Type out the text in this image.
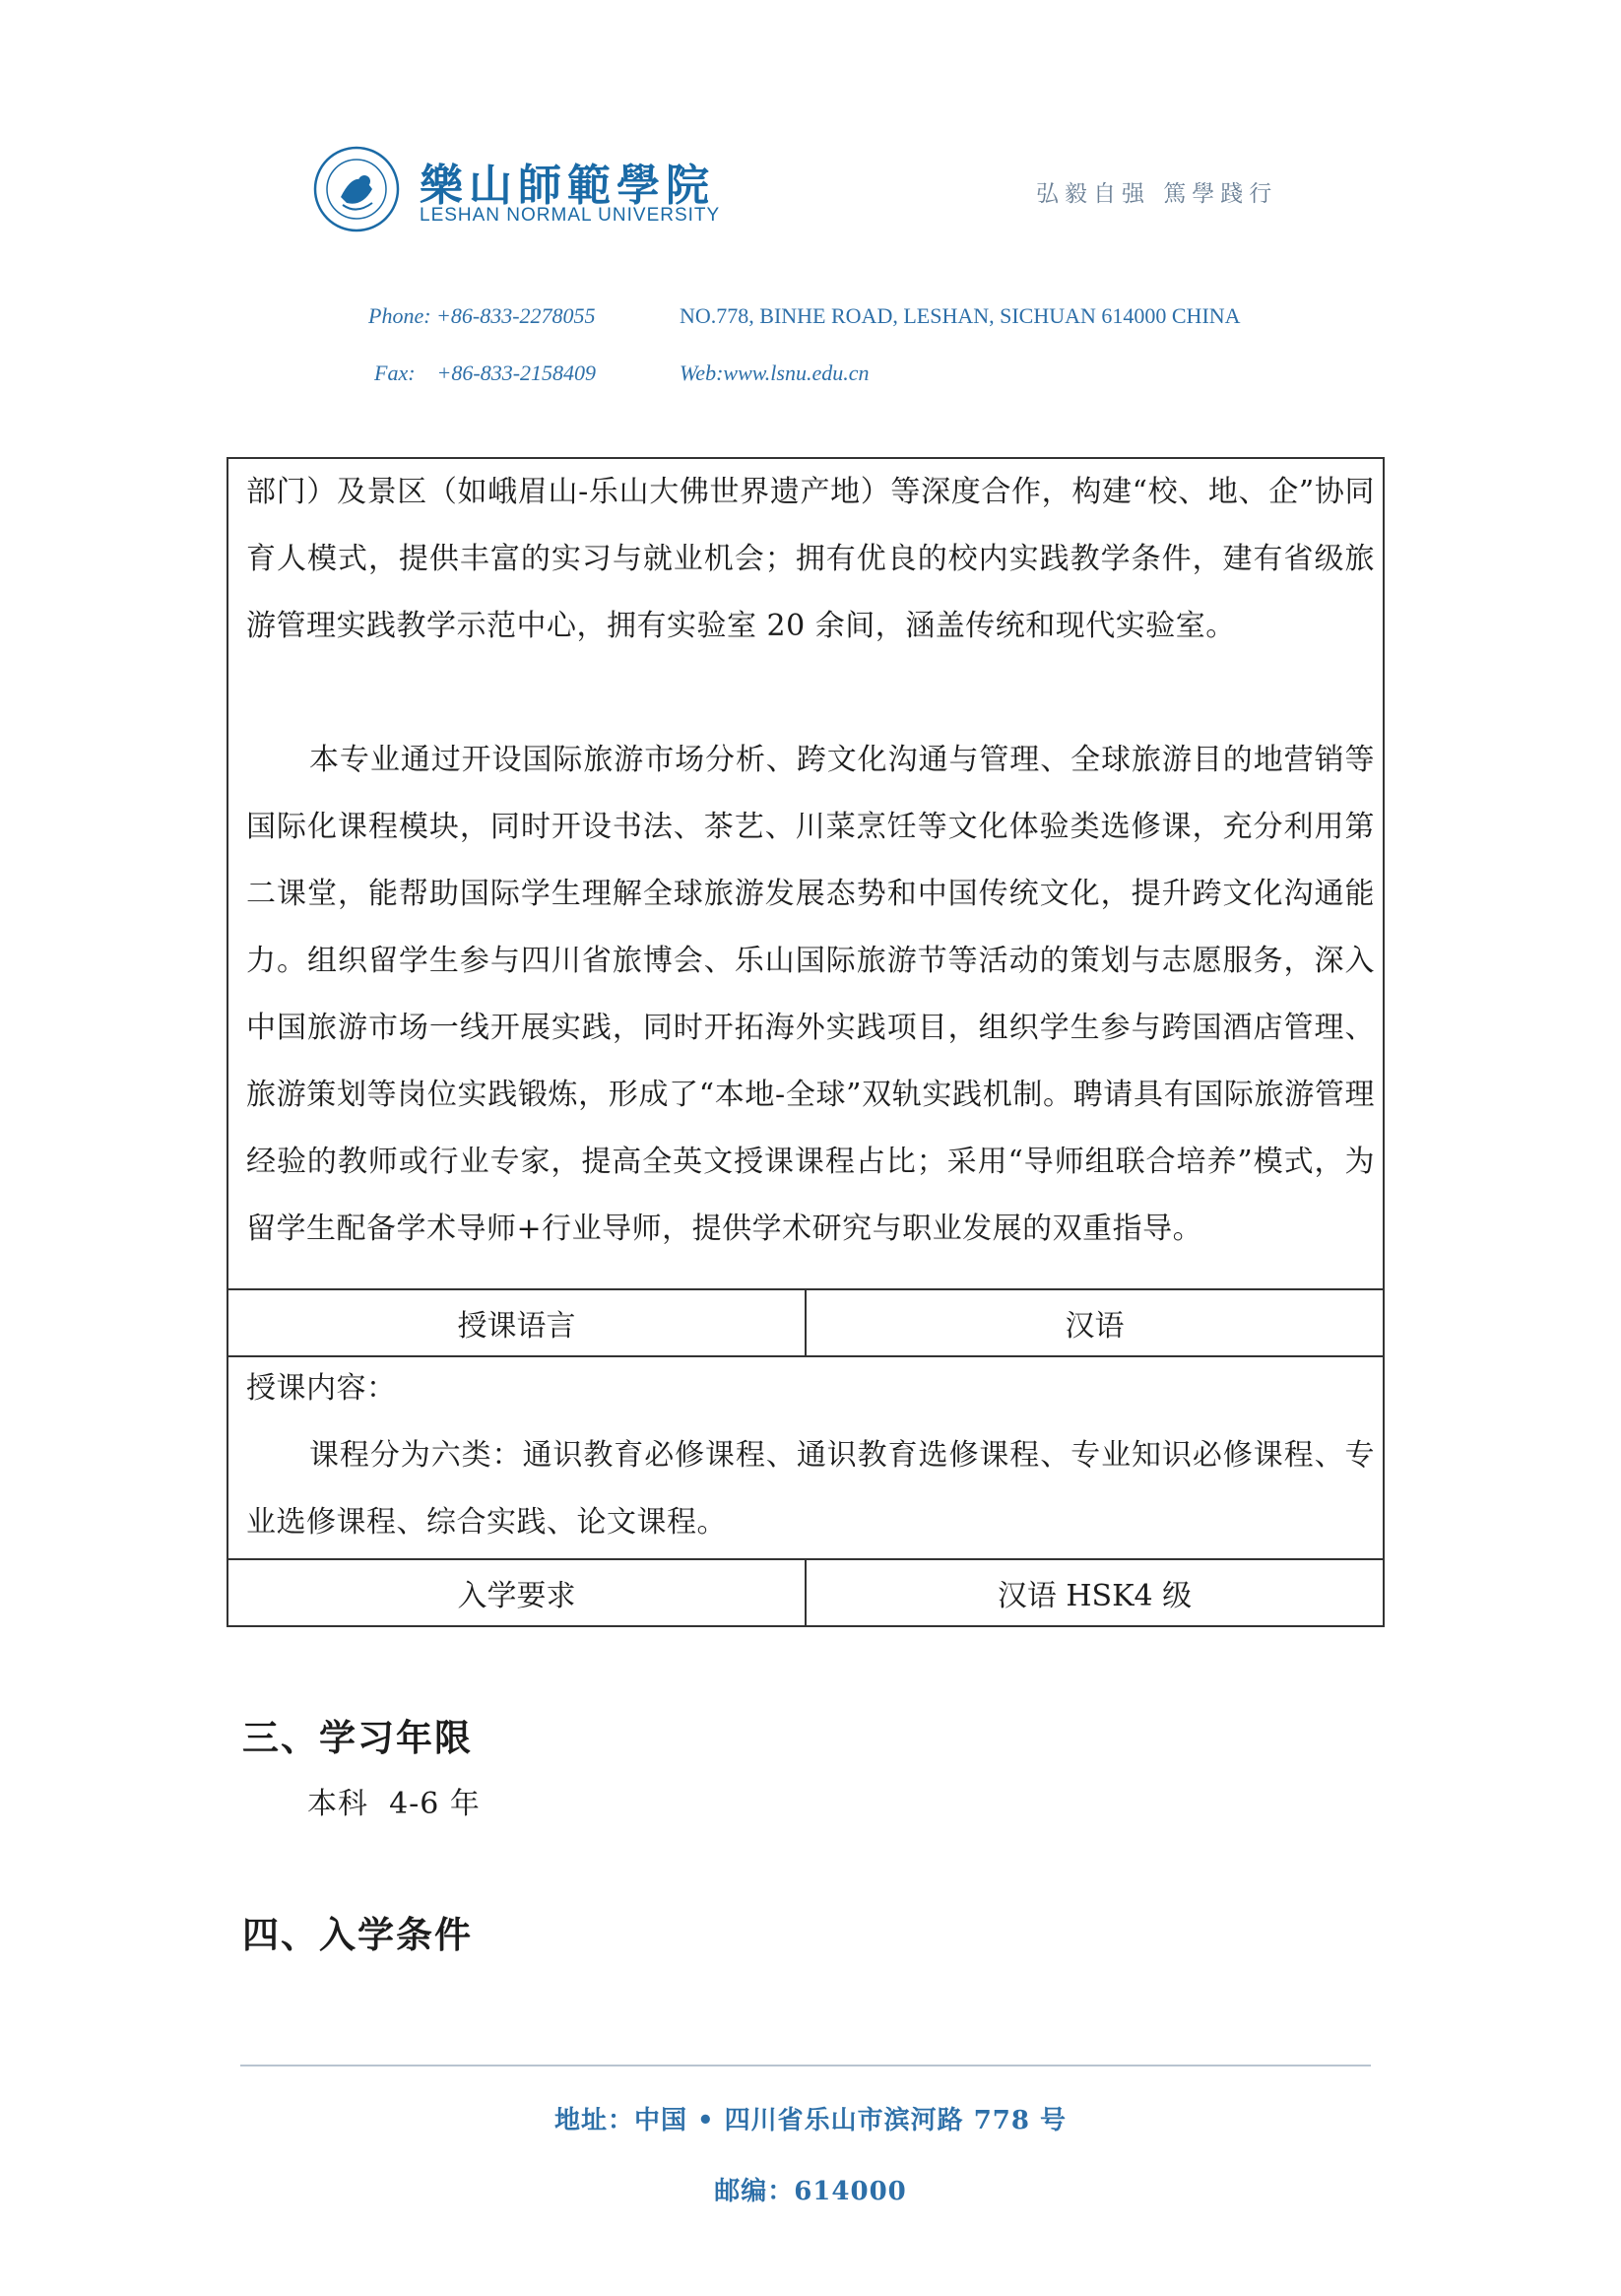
樂山師範學院
LESHAN NORMAL UNIVERSITY
弘毅自强 篤學踐行
Phone: +86-833-2278055	NO.778, BINHE ROAD, LESHAN, SICHUAN 614000 CHINA
Fax:    +86-833-2158409	Web:www.lsnu.edu.cn

部门）及景区（如峨眉山-乐山大佛世界遗产地）等深度合作，构建“校、地、企”协同育人模式，提供丰富的实习与就业机会；拥有优良的校内实践教学条件，建有省级旅游管理实践教学示范中心，拥有实验室 20 余间，涵盖传统和现代实验室。

本专业通过开设国际旅游市场分析、跨文化沟通与管理、全球旅游目的地营销等国际化课程模块，同时开设书法、茶艺、川菜烹饪等文化体验类选修课，充分利用第二课堂，能帮助国际学生理解全球旅游发展态势和中国传统文化，提升跨文化沟通能力。组织留学生参与四川省旅博会、乐山国际旅游节等活动的策划与志愿服务，深入中国旅游市场一线开展实践，同时开拓海外实践项目，组织学生参与跨国酒店管理、旅游策划等岗位实践锻炼，形成了“本地-全球”双轨实践机制。聘请具有国际旅游管理经验的教师或行业专家，提高全英文授课课程占比；采用“导师组联合培养”模式，为留学生配备学术导师+行业导师，提供学术研究与职业发展的双重指导。

授课语言	汉语

授课内容：

课程分为六类：通识教育必修课程、通识教育选修课程、专业知识必修课程、专业选修课程、综合实践、论文课程。

入学要求	汉语 HSK4 级
三、学习年限
本科  4-6 年
四、入学条件
地址：中国 • 四川省乐山市滨河路 778 号
邮编：614000
